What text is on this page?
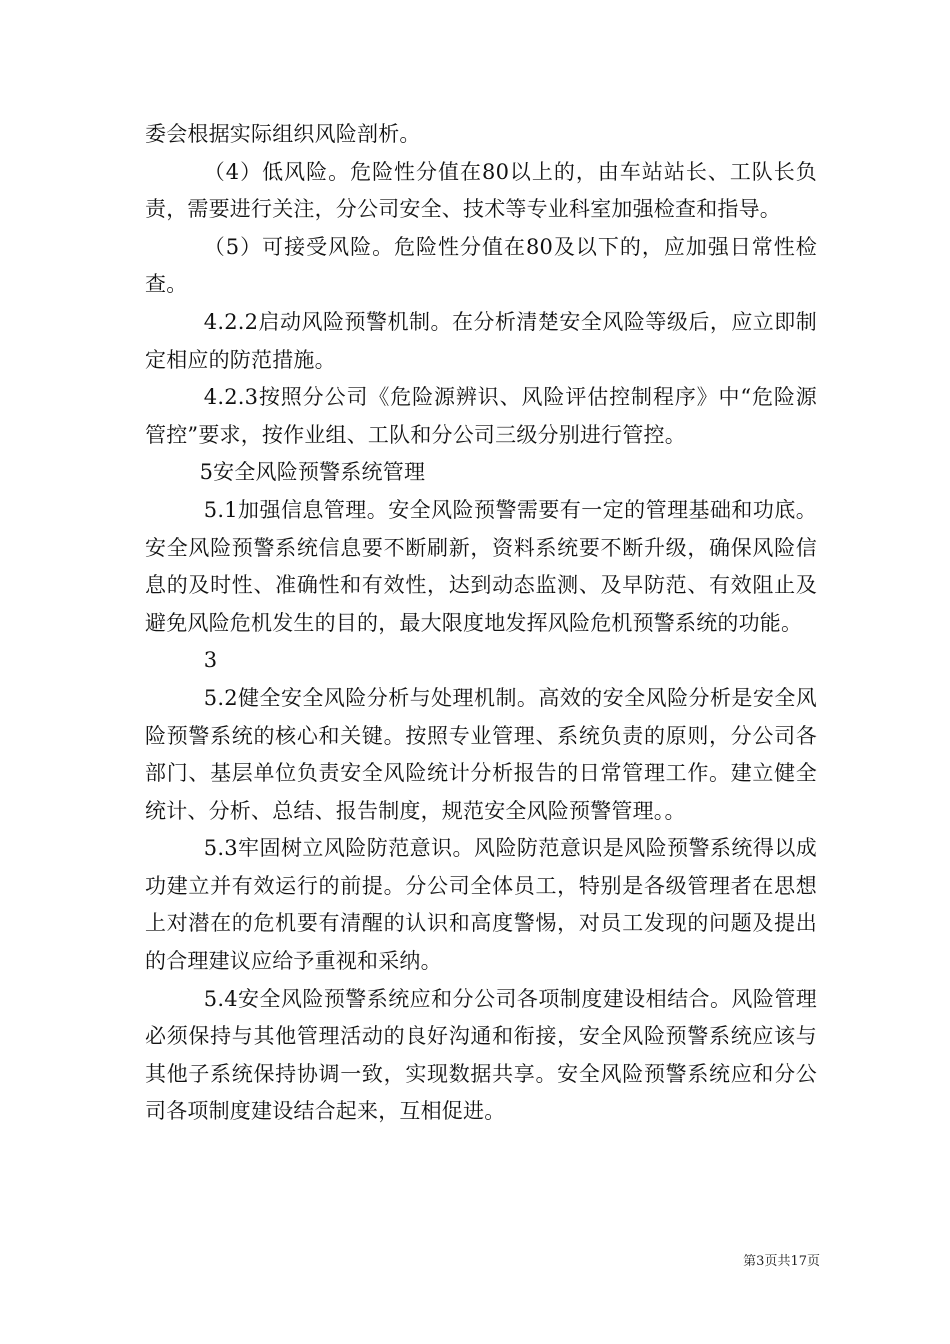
委会根据实际组织风险剖析。

（4）低风险。危险性分值在80以上的，由车站站长、工队长负责，需要进行关注，分公司安全、技术等专业科室加强检查和指导。

（5）可接受风险。危险性分值在80及以下的，应加强日常性检查。

4.2.2启动风险预警机制。在分析清楚安全风险等级后，应立即制定相应的防范措施。

4.2.3按照分公司《危险源辨识、风险评估控制程序》中“危险源管控”要求，按作业组、工队和分公司三级分别进行管控。

5安全风险预警系统管理

5.1加强信息管理。安全风险预警需要有一定的管理基础和功底。安全风险预警系统信息要不断刷新，资料系统要不断升级，确保风险信息的及时性、准确性和有效性，达到动态监测、及早防范、有效阻止及避免风险危机发生的目的，最大限度地发挥风险危机预警系统的功能。

3

5.2健全安全风险分析与处理机制。高效的安全风险分析是安全风险预警系统的核心和关键。按照专业管理、系统负责的原则，分公司各部门、基层单位负责安全风险统计分析报告的日常管理工作。建立健全统计、分析、总结、报告制度，规范安全风险预警管理。。

5.3牢固树立风险防范意识。风险防范意识是风险预警系统得以成功建立并有效运行的前提。分公司全体员工，特别是各级管理者在思想上对潜在的危机要有清醒的认识和高度警惕，对员工发现的问题及提出的合理建议应给予重视和采纳。

5.4安全风险预警系统应和分公司各项制度建设相结合。风险管理必须保持与其他管理活动的良好沟通和衔接，安全风险预警系统应该与其他子系统保持协调一致，实现数据共享。安全风险预警系统应和分公司各项制度建设结合起来，互相促进。

第3页共17页
